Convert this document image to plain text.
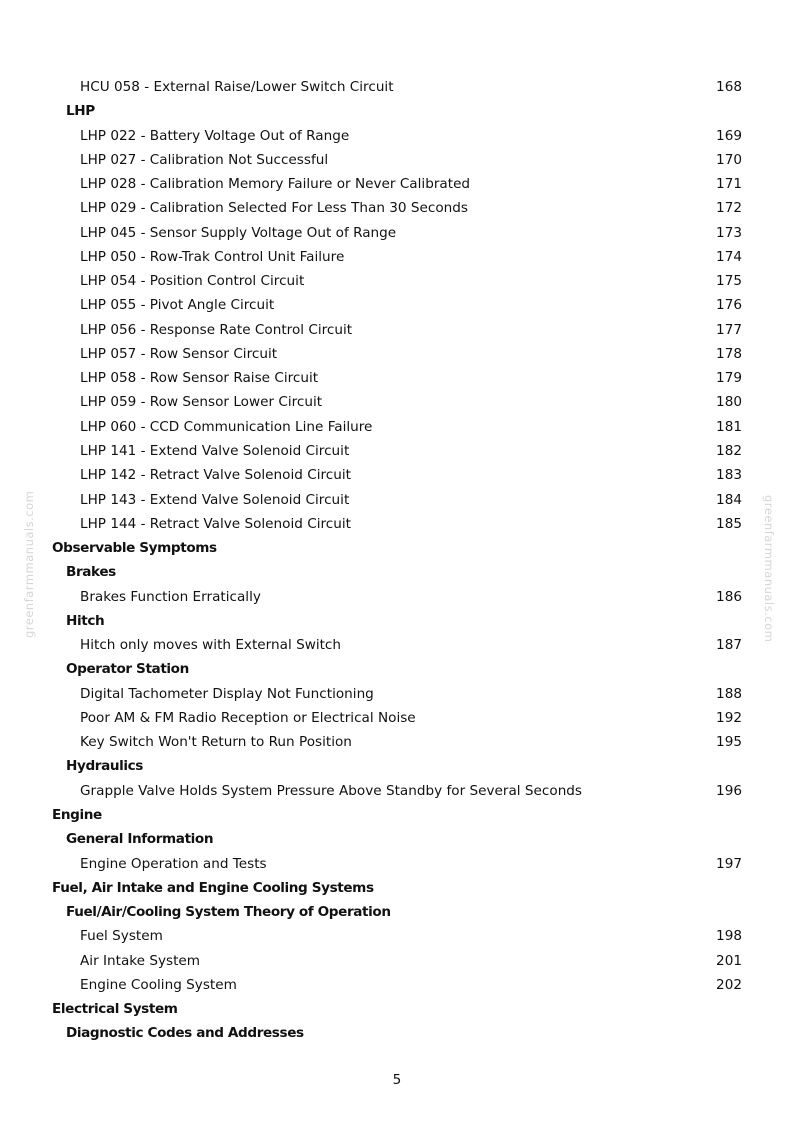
greenfarmmanuals.com	greenfarmmanuals.com
HCU 058 - External Raise/Lower Switch Circuit	168
LHP
LHP 022 - Battery Voltage Out of Range	169
LHP 027 - Calibration Not Successful	170
LHP 028 - Calibration Memory Failure or Never Calibrated	171
LHP 029 - Calibration Selected For Less Than 30 Seconds	172
LHP 045 - Sensor Supply Voltage Out of Range	173
LHP 050 - Row-Trak Control Unit Failure	174
LHP 054 - Position Control Circuit	175
LHP 055 - Pivot Angle Circuit	176
LHP 056 - Response Rate Control Circuit	177
LHP 057 - Row Sensor Circuit	178
LHP 058 - Row Sensor Raise Circuit	179
LHP 059 - Row Sensor Lower Circuit	180
LHP 060 - CCD Communication Line Failure	181
LHP 141 - Extend Valve Solenoid Circuit	182
LHP 142 - Retract Valve Solenoid Circuit	183
LHP 143 - Extend Valve Solenoid Circuit	184
LHP 144 - Retract Valve Solenoid Circuit	185
Observable Symptoms
Brakes
Brakes Function Erratically	186
Hitch
Hitch only moves with External Switch	187
Operator Station
Digital Tachometer Display Not Functioning	188
Poor AM & FM Radio Reception or Electrical Noise	192
Key Switch Won't Return to Run Position	195
Hydraulics
Grapple Valve Holds System Pressure Above Standby for Several Seconds	196
Engine
General Information
Engine Operation and Tests	197
Fuel, Air Intake and Engine Cooling Systems
Fuel/Air/Cooling System Theory of Operation
Fuel System	198
Air Intake System	201
Engine Cooling System	202
Electrical System
Diagnostic Codes and Addresses
5
